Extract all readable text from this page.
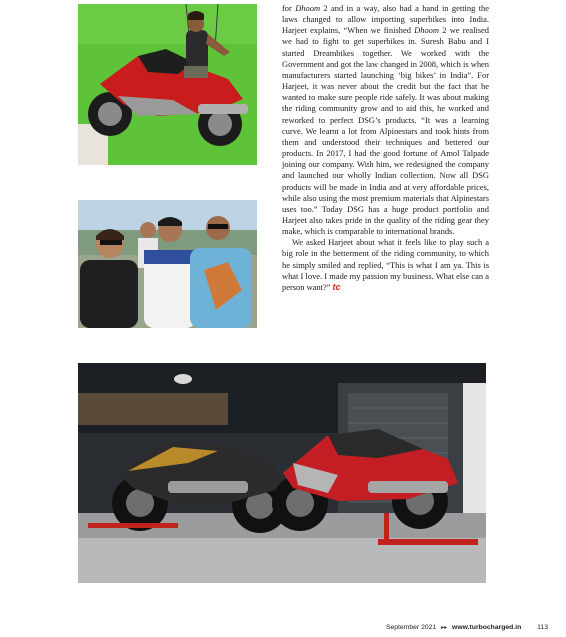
for Dhoom 2 and in a way, also had a hand in getting the laws changed to allow importing superbikes into India. Harjeet explains, “When we finished Dhoom 2 we realised we had to fight to get superbikes in. Suresh Babu and I started Dreambikes together. We worked with the Government and got the law changed in 2008, which is when manufacturers started launching ‘big bikes’ in India”. For Harjeet, it was never about the credit but the fact that he wanted to make sure people ride safely. It was about making the riding community grow and to aid this, he worked and reworked to perfect DSG’s products. “It was a learning curve. We learnt a lot from Alpinestars and took hints from them and understood their techniques and bettered our products. In 2017, I had the good fortune of Amol Talpade joining our company. With him, we redesigned the company and launched our wholly Indian collection. Now all DSG products will be made in India and at very affordable prices, while also using the most premium materials that Alpinestars uses too.” Today DSG has a huge product portfolio and Harjeet also takes pride in the quality of the riding gear they make, which is comparable to international brands.

We asked Harjeet about what it feels like to play such a big role in the betterment of the riding community, to which he simply smiled and replied, “This is what I am ya. This is what I love. I made my passion my business. What else can a person want?” tc

September 2021 ▸▸ www.turbocharged.in 113
